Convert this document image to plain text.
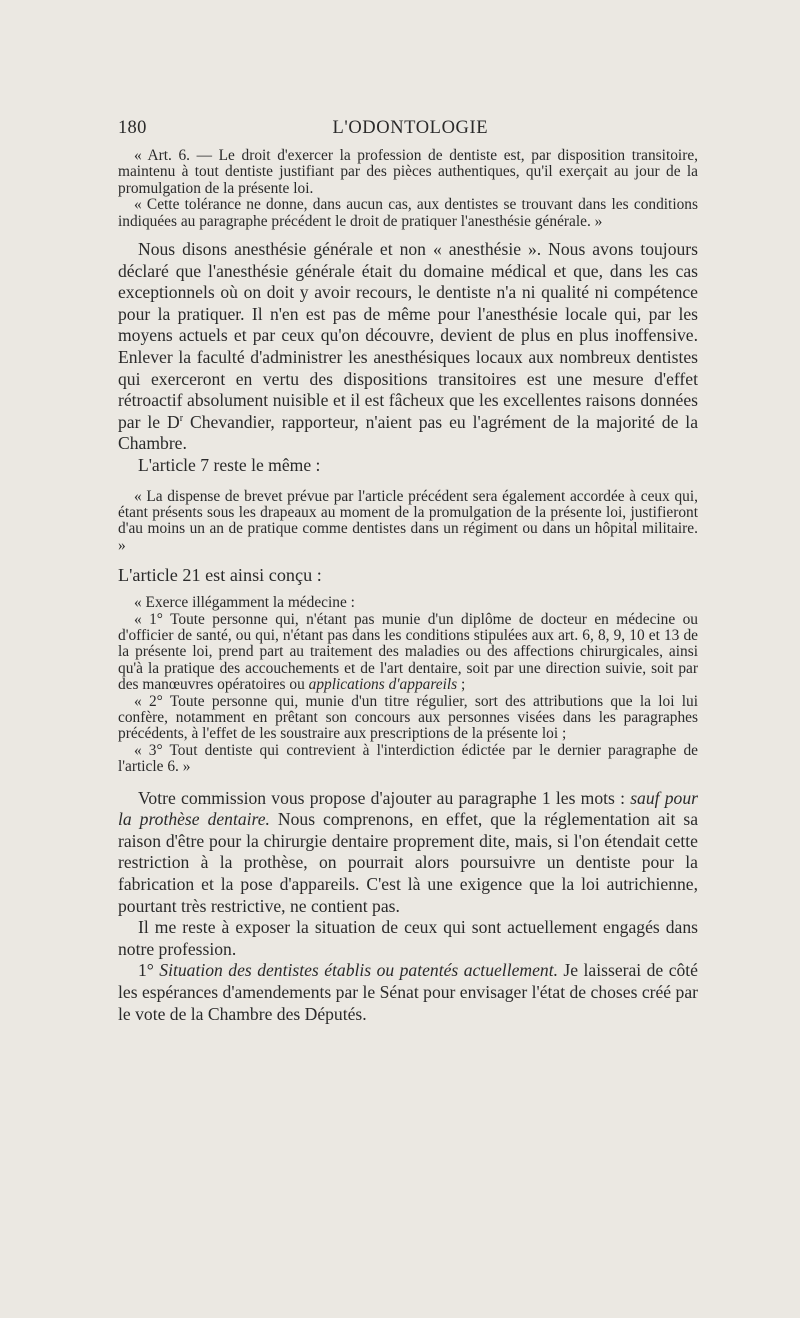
180	L'ODONTOLOGIE

« Art. 6. — Le droit d'exercer la profession de dentiste est, par disposition transitoire, maintenu à tout dentiste justifiant par des pièces authentiques, qu'il exerçait au jour de la promulgation de la présente loi.

« Cette tolérance ne donne, dans aucun cas, aux dentistes se trouvant dans les conditions indiquées au paragraphe précédent le droit de pratiquer l'anesthésie générale. »

Nous disons anesthésie générale et non « anesthésie ». Nous avons toujours déclaré que l'anesthésie générale était du domaine médical et que, dans les cas exceptionnels où on doit y avoir recours, le dentiste n'a ni qualité ni compétence pour la pratiquer. Il n'en est pas de même pour l'anesthésie locale qui, par les moyens actuels et par ceux qu'on découvre, devient de plus en plus inoffensive. Enlever la faculté d'administrer les anesthésiques locaux aux nombreux dentistes qui exerceront en vertu des dispositions transitoires est une mesure d'effet rétroactif absolument nuisible et il est fâcheux que les excellentes raisons données par le $D^r$ Chevandier, rapporteur, n'aient pas eu l'agrément de la majorité de la Chambre.

L'article 7 reste le même :

« La dispense de brevet prévue par l'article précédent sera également accordée à ceux qui, étant présents sous les drapeaux au moment de la promulgation de la présente loi, justifieront d'au moins un an de pratique comme dentistes dans un régiment ou dans un hôpital militaire. »

L'article 21 est ainsi conçu :

« Exerce illégamment la médecine :

« 1° Toute personne qui, n'étant pas munie d'un diplôme de docteur en médecine ou d'officier de santé, ou qui, n'étant pas dans les conditions stipulées aux art. 6, 8, 9, 10 et 13 de la présente loi, prend part au traitement des maladies ou des affections chirurgicales, ainsi qu'à la pratique des accouchements et de l'art dentaire, soit par une direction suivie, soit par des manœuvres opératoires ou applications d'appareils ;

« 2° Toute personne qui, munie d'un titre régulier, sort des attributions que la loi lui confère, notamment en prêtant son concours aux personnes visées dans les paragraphes précédents, à l'effet de les soustraire aux prescriptions de la présente loi ;

« 3° Tout dentiste qui contrevient à l'interdiction édictée par le dernier paragraphe de l'article 6. »

Votre commission vous propose d'ajouter au paragraphe 1 les mots : sauf pour la prothèse dentaire. Nous comprenons, en effet, que la réglementation ait sa raison d'être pour la chirurgie dentaire proprement dite, mais, si l'on étendait cette restriction à la prothèse, on pourrait alors poursuivre un dentiste pour la fabrication et la pose d'appareils. C'est là une exigence que la loi autrichienne, pourtant très restrictive, ne contient pas.

Il me reste à exposer la situation de ceux qui sont actuellement engagés dans notre profession.

1° Situation des dentistes établis ou patentés actuellement. Je laisserai de côté les espérances d'amendements par le Sénat pour envisager l'état de choses créé par le vote de la Chambre des Députés.
